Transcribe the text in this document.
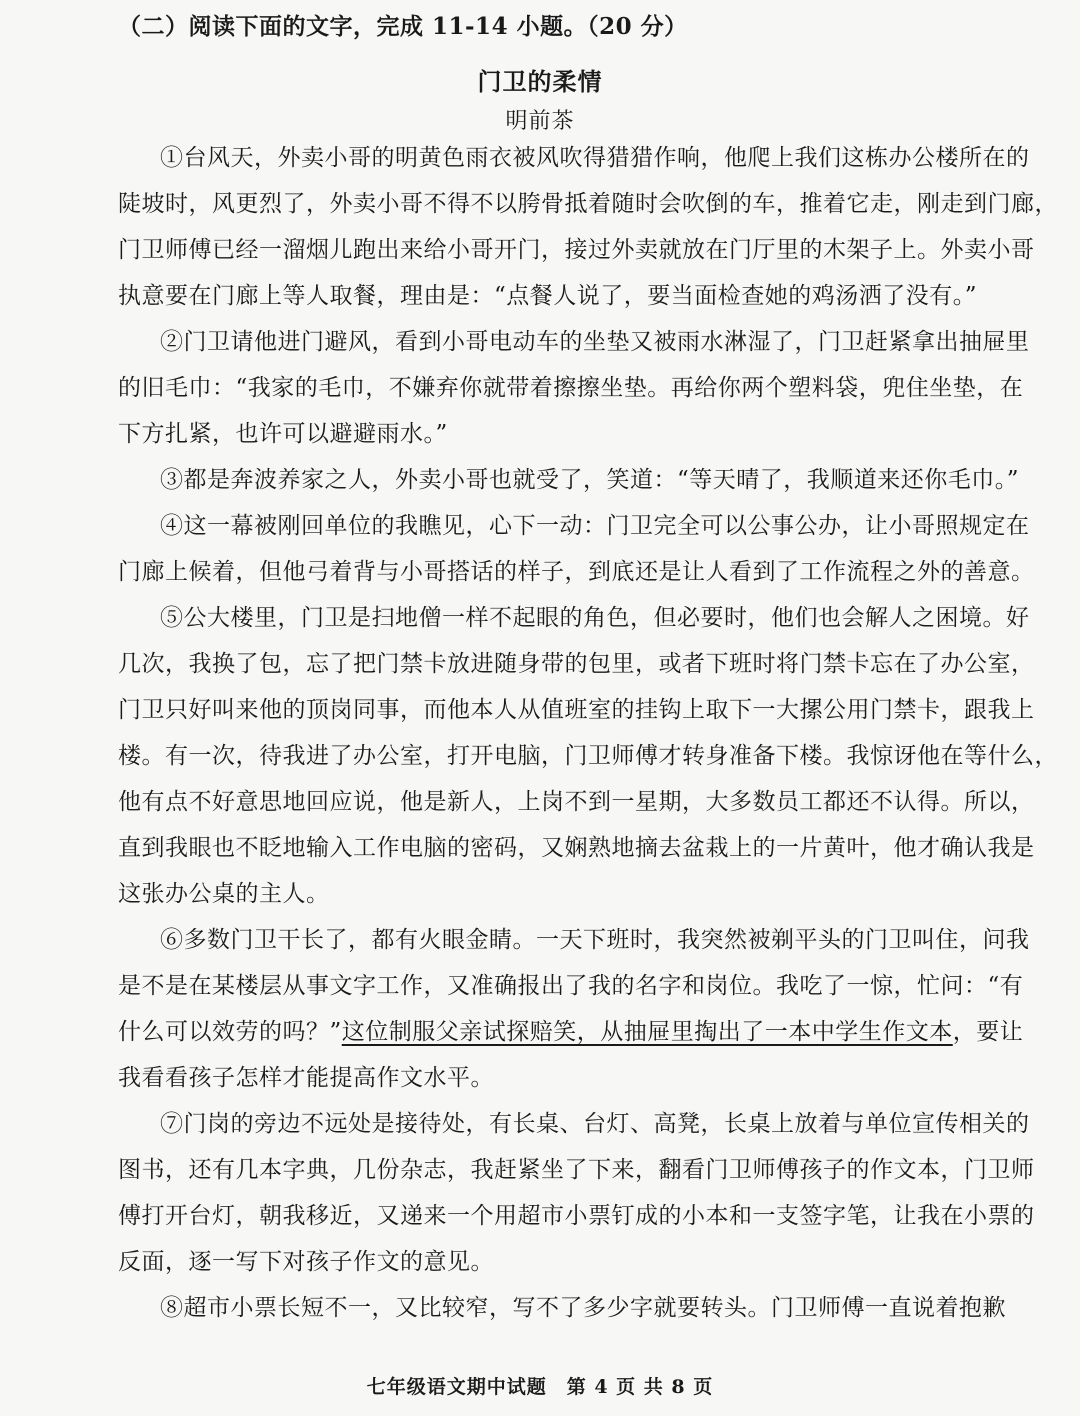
（二）阅读下面的文字，完成 11-14 小题。（20 分）
门卫的柔情
明前茶
①台风天，外卖小哥的明黄色雨衣被风吹得猎猎作响，他爬上我们这栋办公楼所在的
陡坡时，风更烈了，外卖小哥不得不以胯骨抵着随时会吹倒的车，推着它走，刚走到门廊，
门卫师傅已经一溜烟儿跑出来给小哥开门，接过外卖就放在门厅里的木架子上。外卖小哥
执意要在门廊上等人取餐，理由是：“点餐人说了，要当面检查她的鸡汤洒了没有。”
②门卫请他进门避风，看到小哥电动车的坐垫又被雨水淋湿了，门卫赶紧拿出抽屉里
的旧毛巾：“我家的毛巾，不嫌弃你就带着擦擦坐垫。再给你两个塑料袋，兜住坐垫，在
下方扎紧，也许可以避避雨水。”
③都是奔波养家之人，外卖小哥也就受了，笑道：“等天晴了，我顺道来还你毛巾。”
④这一幕被刚回单位的我瞧见，心下一动：门卫完全可以公事公办，让小哥照规定在
门廊上候着，但他弓着背与小哥搭话的样子，到底还是让人看到了工作流程之外的善意。
⑤公大楼里，门卫是扫地僧一样不起眼的角色，但必要时，他们也会解人之困境。好
几次，我换了包，忘了把门禁卡放进随身带的包里，或者下班时将门禁卡忘在了办公室，
门卫只好叫来他的顶岗同事，而他本人从值班室的挂钩上取下一大摞公用门禁卡，跟我上
楼。有一次，待我进了办公室，打开电脑，门卫师傅才转身准备下楼。我惊讶他在等什么，
他有点不好意思地回应说，他是新人，上岗不到一星期，大多数员工都还不认得。所以，
直到我眼也不眨地输入工作电脑的密码，又娴熟地摘去盆栽上的一片黄叶，他才确认我是
这张办公桌的主人。
⑥多数门卫干长了，都有火眼金睛。一天下班时，我突然被剃平头的门卫叫住，问我
是不是在某楼层从事文字工作，又准确报出了我的名字和岗位。我吃了一惊，忙问：“有
什么可以效劳的吗？”这位制服父亲试探赔笑，从抽屉里掏出了一本中学生作文本，要让
我看看孩子怎样才能提高作文水平。
⑦门岗的旁边不远处是接待处，有长桌、台灯、高凳，长桌上放着与单位宣传相关的
图书，还有几本字典，几份杂志，我赶紧坐了下来，翻看门卫师傅孩子的作文本，门卫师
傅打开台灯，朝我移近，又递来一个用超市小票钉成的小本和一支签字笔，让我在小票的
反面，逐一写下对孩子作文的意见。
⑧超市小票长短不一，又比较窄，写不了多少字就要转头。门卫师傅一直说着抱歉
七年级语文期中试题　第 4 页 共 8 页
